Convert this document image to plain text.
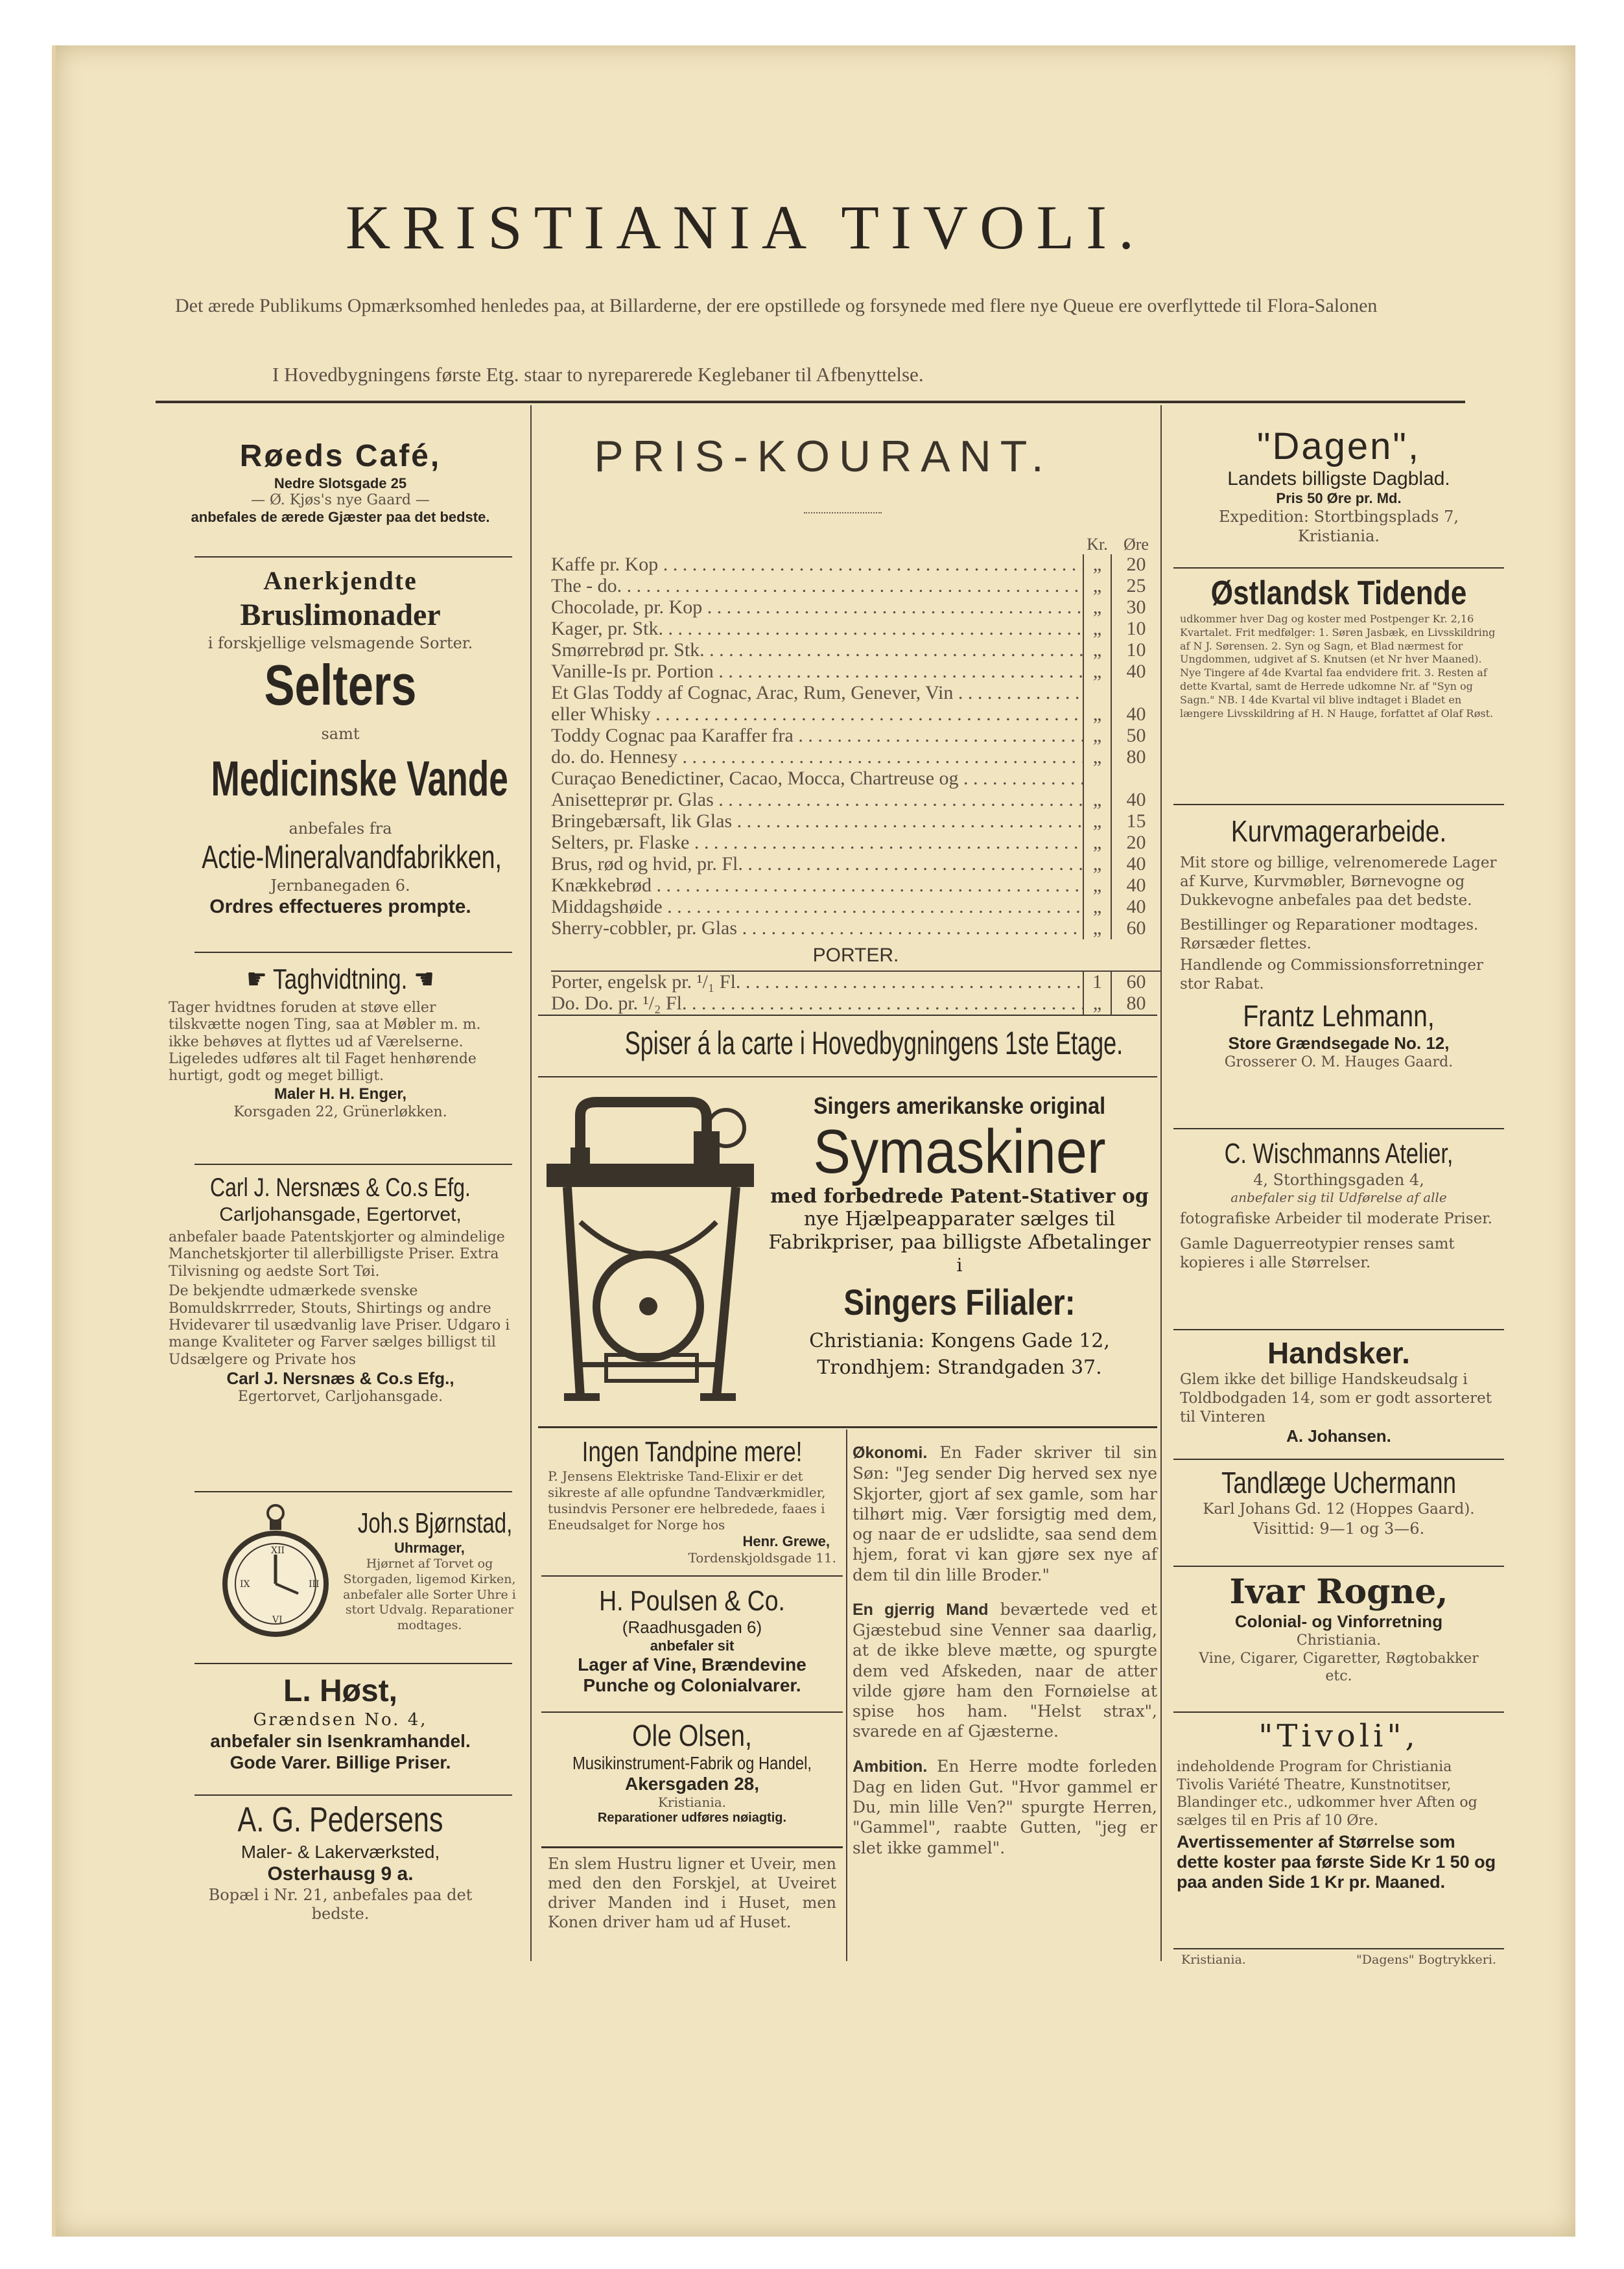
KRISTIANIA TIVOLI.
Det ærede Publikums Opmærksomhed henledes paa, at Billarderne, der ere opstillede og forsynede med flere nye Queue ere overflyttede til Flora-Salonen
I Hovedbygningens første Etg. staar to nyreparerede Keglebaner til Afbenyttelse.

Røeds Café,

Nedre Slotsgade 25

— Ø. Kjøs's nye Gaard —

anbefales de ærede Gjæster paa det bedste.

Anerkjendte

Bruslimonader

i forskjellige velsmagende Sorter.

Selters

samt

Medicinske Vande

anbefales fra

Actie-Mineralvandfabrikken,

Jernbanegaden 6.

Ordres effectueres prompte.

☛ Taghvidtning. ☚

Tager hvidtnes foruden at støve eller tilskvætte nogen Ting, saa at Møbler m. m. ikke behøves at flyttes ud af Værelserne.

Ligeledes udføres alt til Faget henhørende hurtigt, godt og meget billigt.

Maler H. H. Enger,

Korsgaden 22, Grünerløkken.

Carl J. Nersnæs & Co.s Efg.

Carljohansgade, Egertorvet,

anbefaler baade Patentskjorter og almindelige Manchetskjorter til allerbilligste Priser. Extra Tilvisning og aedste Sort Tøi.

De bekjendte udmærkede svenske Bomuldskrrreder, Stouts, Shirtings og andre Hvidevarer til usædvanlig lave Priser. Udgaro i mange Kvaliteter og Farver sælges billigst til Udsælgere og Private hos

Carl J. Nersnæs & Co.s Efg.,

Egertorvet, Carljohansgade.

XII
III
VI
IX

Joh.s Bjørnstad,

Uhrmager,

Hjørnet af Torvet og Storgaden, ligemod Kirken, anbefaler alle Sorter Uhre i stort Udvalg. Reparationer modtages.

L. Høst,

Grændsen No. 4,

anbefaler sin Isenkramhandel.

Gode Varer. Billige Priser.

A. G. Pedersens

Maler- & Lakerværksted,

Osterhausg 9 a.

Bopæl i Nr. 21, anbefales paa det bedste.

PRIS-KOURANT.
Kr. Øre
Kaffe pr. Kop . . .	„	20
The - do. . . .	„	25
Chocolade, pr. Kop . . .	„	30
Kager, pr. Stk. . . .	„	10
Smørrebrød pr. Stk. . . .	„	10
Vanille-Is pr. Portion . . .	„	40
Et Glas Toddy af Cognac, Arac, Rum, Genever, Vin . . .
eller Whisky . . .	„	40
Toddy Cognac paa Karaffer fra . . .	„	50
do. do. Hennesy . . .	„	80
Curaçao Benedictiner, Cacao, Mocca, Chartreuse og . . .
Anisetteprør pr. Glas . . .	„	40
Bringebærsaft, lik Glas . . .	„	15
Selters, pr. Flaske . . .	„	20
Brus, rød og hvid, pr. Fl. . . .	„	40
Knækkebrød . . .	„	40
Middagshøide . . .	„	40
Sherry-cobbler, pr. Glas . . .	„	60
PORTER.
Porter, engelsk pr. ¹/₁ Fl. . . .	1	60
Do. Do. pr. ¹/₂ Fl. . . .	„	80
Spiser á la carte i Hovedbygningens 1ste Etage.

Singers amerikanske original

Symaskiner

med forbedrede Patent-Stativer og

nye Hjælpeapparater sælges til Fabrikpriser, paa billigste Afbetalinger

i

Singers Filialer:

Christiania: Kongens Gade 12,

Trondhjem: Strandgaden 37.

Ingen Tandpine mere!

P. Jensens Elektriske Tand-Elixir er det sikreste af alle opfundne Tandværkmidler, tusindvis Personer ere helbredede, faaes i Eneudsalget for Norge hos

Henr. Grewe,

Tordenskjoldsgade 11.

H. Poulsen & Co.

(Raadhusgaden 6)

anbefaler sit

Lager af Vine, Brændevine Punche og Colonialvarer.

Ole Olsen,

Musikinstrument-Fabrik og Handel,

Akersgaden 28,

Kristiania.

Reparationer udføres nøiagtig.

En slem Hustru ligner et Uveir, men med den den Forskjel, at Uveiret driver Manden ind i Huset, men Konen driver ham ud af Huset.

Økonomi. En Fader skriver til sin Søn: "Jeg sender Dig herved sex nye Skjorter, gjort af sex gamle, som har tilhørt mig. Vær forsigtig med dem, og naar de er udslidte, saa send dem hjem, forat vi kan gjøre sex nye af dem til din lille Broder."

En gjerrig Mand beværtede ved et Gjæstebud sine Venner saa daarlig, at de ikke bleve mætte, og spurgte dem ved Afskeden, naar de atter vilde gjøre ham den Fornøielse at spise hos ham. "Helst strax", svarede en af Gjæsterne.

Ambition. En Herre modte forleden Dag en liden Gut. "Hvor gammel er Du, min lille Ven?" spurgte Herren, "Gammel", raabte Gutten, "jeg er slet ikke gammel".

"Dagen",

Landets billigste Dagblad.

Pris 50 Øre pr. Md.

Expedition: Stortbingsplads 7,

Kristiania.

Østlandsk Tidende

udkommer hver Dag og koster med Postpenger Kr. 2,16 Kvartalet. Frit medfølger: 1. Søren Jasbæk, en Livsskildring af N J. Sørensen. 2. Syn og Sagn, et Blad nærmest for Ungdommen, udgivet af S. Knutsen (et Nr hver Maaned). Nye Tingere af 4de Kvartal faa endvidere frit. 3. Resten af dette Kvartal, samt de Herrede udkomne Nr. af "Syn og Sagn." NB. I 4de Kvartal vil blive indtaget i Bladet en længere Livsskildring af H. N Hauge, forfattet af Olaf Røst.

Kurvmagerarbeide.

Mit store og billige, velrenomerede Lager af Kurve, Kurvmøbler, Børnevogne og Dukkevogne anbefales paa det bedste.

Bestillinger og Reparationer modtages. Rørsæder flettes.

Handlende og Commissionsforretninger stor Rabat.

Frantz Lehmann,

Store Grændsegade No. 12,

Grosserer O. M. Hauges Gaard.

C. Wischmanns Atelier,

4, Storthingsgaden 4,

anbefaler sig til Udførelse af alle

fotografiske Arbeider til moderate Priser.

Gamle Daguerreotypier renses samt kopieres i alle Størrelser.

Handsker.

Glem ikke det billige Handskeudsalg i Toldbodgaden 14, som er godt assorteret til Vinteren

A. Johansen.

Tandlæge Uchermann

Karl Johans Gd. 12 (Hoppes Gaard).

Visittid: 9—1 og 3—6.

Ivar Rogne,

Colonial- og Vinforretning

Christiania.

Vine, Cigarer, Cigaretter, Røgtobakker etc.

"Tivoli",

indeholdende Program for Christiania Tivolis Variété Theatre, Kunstnotitser, Blandinger etc., udkommer hver Aften og sælges til en Pris af 10 Øre.

Avertissementer af Størrelse som dette koster paa første Side Kr 1 50 og paa anden Side 1 Kr pr. Maaned.

Kristiania.	"Dagens" Bogtrykkeri.
